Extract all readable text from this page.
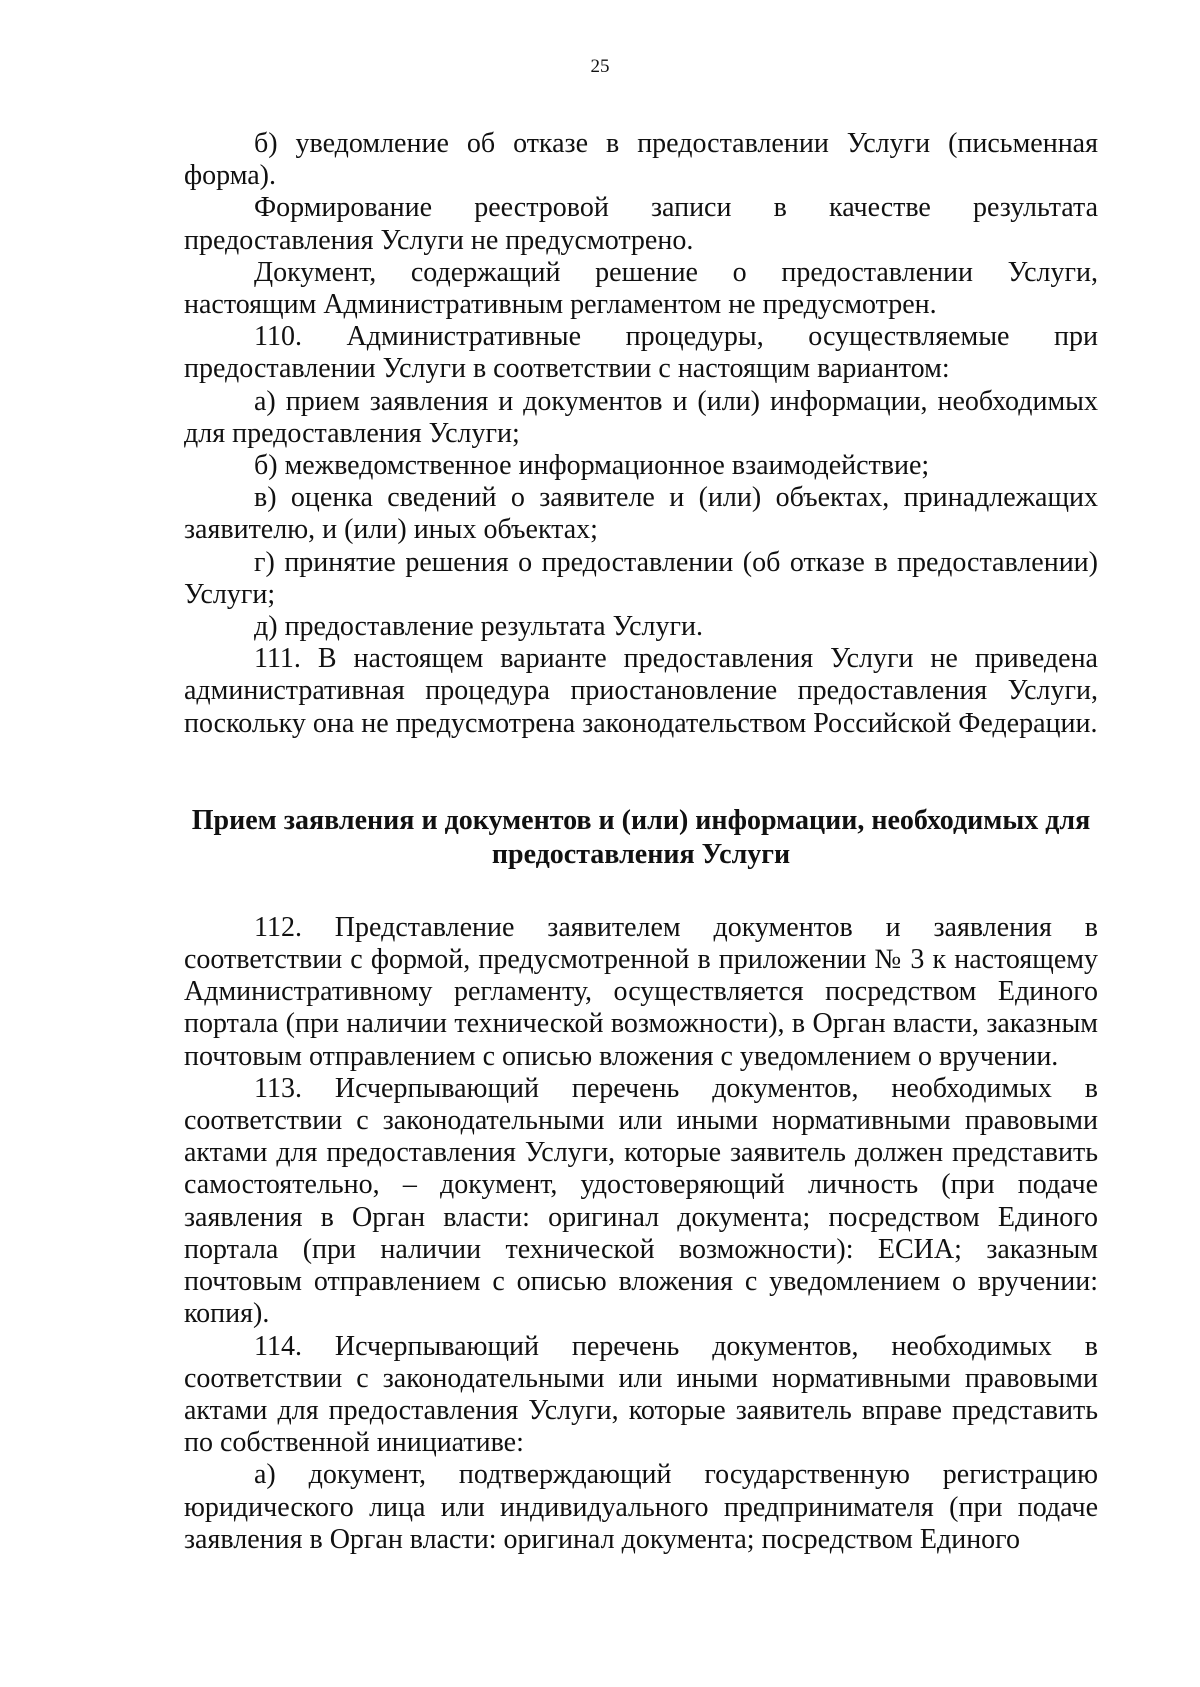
25

б) уведомление об отказе в предоставлении Услуги (письменная форма).

Формирование реестровой записи в качестве результата предоставления Услуги не предусмотрено.

Документ, содержащий решение о предоставлении Услуги, настоящим Административным регламентом не предусмотрен.

110. Административные процедуры, осуществляемые при предоставлении Услуги в соответствии с настоящим вариантом:

а) прием заявления и документов и (или) информации, необходимых для предоставления Услуги;

б) межведомственное информационное взаимодействие;

в) оценка сведений о заявителе и (или) объектах, принадлежащих заявителю, и (или) иных объектах;

г) принятие решения о предоставлении (об отказе в предоставлении) Услуги;

д) предоставление результата Услуги.

111. В настоящем варианте предоставления Услуги не приведена административная процедура приостановление предоставления Услуги, поскольку она не предусмотрена законодательством Российской Федерации.

Прием заявления и документов и (или) информации, необходимых для предоставления Услуги

112. Представление заявителем документов и заявления в соответствии с формой, предусмотренной в приложении № 3 к настоящему Административному регламенту, осуществляется посредством Единого портала (при наличии технической возможности), в Орган власти, заказным почтовым отправлением с описью вложения с уведомлением о вручении.

113. Исчерпывающий перечень документов, необходимых в соответствии с законодательными или иными нормативными правовыми актами для предоставления Услуги, которые заявитель должен представить самостоятельно, – документ, удостоверяющий личность (при подаче заявления в Орган власти: оригинал документа; посредством Единого портала (при наличии технической возможности): ЕСИА; заказным почтовым отправлением с описью вложения с уведомлением о вручении: копия).

114. Исчерпывающий перечень документов, необходимых в соответствии с законодательными или иными нормативными правовыми актами для предоставления Услуги, которые заявитель вправе представить по собственной инициативе:

а) документ, подтверждающий государственную регистрацию юридического лица или индивидуального предпринимателя (при подаче заявления в Орган власти: оригинал документа; посредством Единого
